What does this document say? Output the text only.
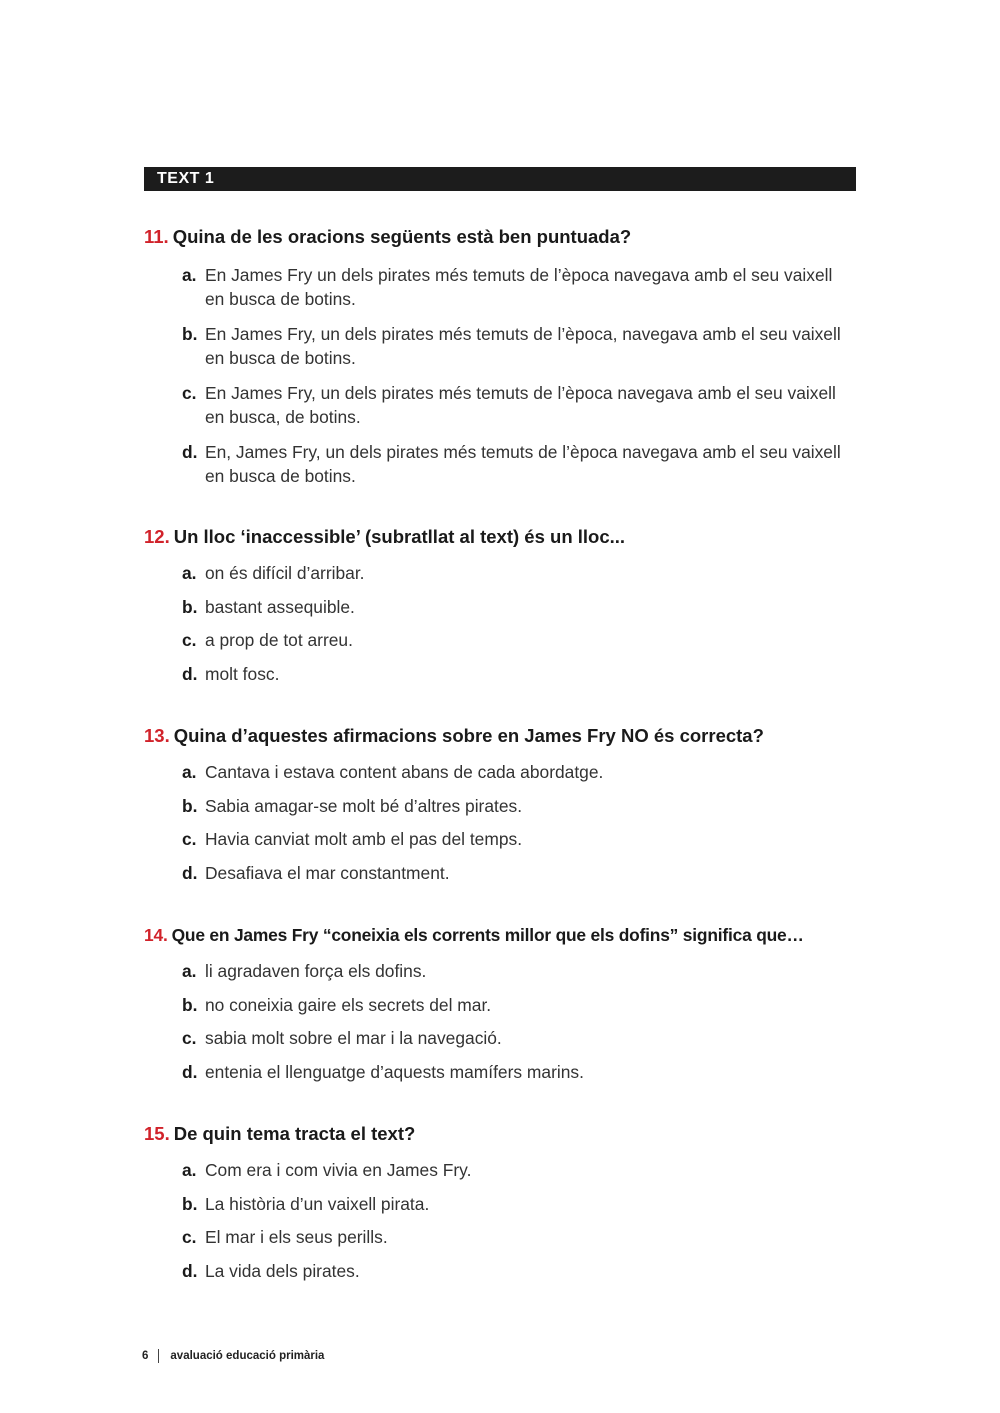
TEXT 1

11. Quina de les oracions següents està ben puntuada?

a. En James Fry un dels pirates més temuts de l’època navegava amb el seu vaixell en busca de botins.
b. En James Fry, un dels pirates més temuts de l’època, navegava amb el seu vaixell en busca de botins.
c. En James Fry, un dels pirates més temuts de l’època navegava amb el seu vaixell en busca, de botins.
d. En, James Fry, un dels pirates més temuts de l’època navegava amb el seu vaixell en busca de botins.

12. Un lloc ‘inaccessible’ (subratllat al text) és un lloc...

a. on és difícil d’arribar.
b. bastant assequible.
c. a prop de tot arreu.
d. molt fosc.

13. Quina d’aquestes afirmacions sobre en James Fry NO és correcta?

a. Cantava i estava content abans de cada abordatge.
b. Sabia amagar-se molt bé d’altres pirates.
c. Havia canviat molt amb el pas del temps.
d. Desafiava el mar constantment.

14. Que en James Fry “coneixia els corrents millor que els dofins” significa que…

a. li agradaven força els dofins.
b. no coneixia gaire els secrets del mar.
c. sabia molt sobre el mar i la navegació.
d. entenia el llenguatge d’aquests mamífers marins.

15. De quin tema tracta el text?

a. Com era i com vivia en James Fry.
b. La història d’un vaixell pirata.
c. El mar i els seus perills.
d. La vida dels pirates.
6 avaluació educació primària
